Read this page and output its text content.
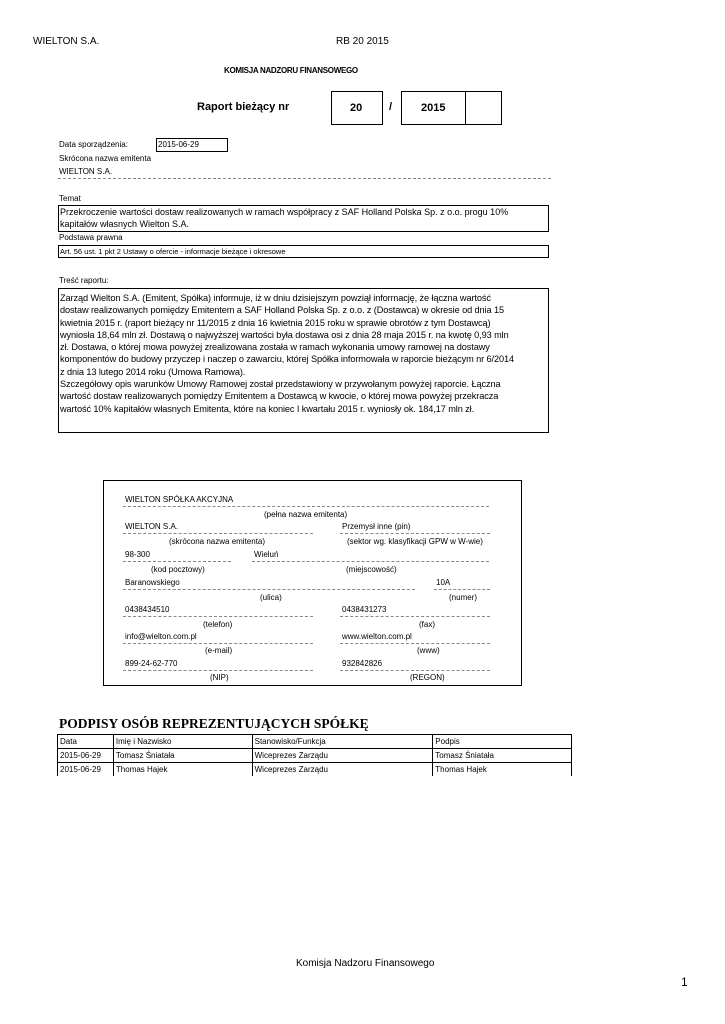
WIELTON S.A.	RB 20 2015
KOMISJA NADZORU FINANSOWEGO
Raport bieżący nr	20 /	2015
Data sporządzenia:	2015-06-29
Skrócona nazwa emitenta
WIELTON S.A.
Temat
Przekroczenie wartości dostaw realizowanych w ramach współpracy z SAF Holland Polska Sp. z o.o. progu 10%
kapitałów własnych Wielton S.A.
Podstawa prawna
Art. 56 ust. 1 pkt 2 Ustawy o ofercie - informacje bieżące i okresowe
Treść raportu:
Zarząd Wielton S.A. (Emitent, Spółka) informuje, iż w dniu dzisiejszym powziął informację, że łączna wartość
dostaw realizowanych pomiędzy Emitentem a SAF Holland Polska Sp. z o.o. z (Dostawca) w okresie od dnia 15
kwietnia 2015 r. (raport bieżący nr 11/2015 z dnia 16 kwietnia 2015 roku w sprawie obrotów z tym Dostawcą)
wyniosła 18,64 mln zł. Dostawą o najwyższej wartości była dostawa osi z dnia 28 maja 2015 r. na kwotę 0,93 mln
zł. Dostawa, o której mowa powyżej zrealizowana została w ramach wykonania umowy ramowej na dostawy
komponentów do budowy przyczep i naczep o zawarciu, której Spółka informowała w raporcie bieżącym nr 6/2014
z dnia 13 lutego 2014 roku (Umowa Ramowa).
Szczegółowy opis warunków Umowy Ramowej został przedstawiony w przywołanym powyżej raporcie. Łączna
wartość dostaw realizowanych pomiędzy Emitentem a Dostawcą w kwocie, o której mowa powyżej przekracza
wartość 10% kapitałów własnych Emitenta, które na koniec I kwartału 2015 r. wyniosły ok. 184,17 mln zł.
WIELTON SPÓŁKA AKCYJNA
(pełna nazwa emitenta)
WIELTON S.A.	Przemysł inne (pin)
(skrócona nazwa emitenta)	(sektor wg. klasyfikacji GPW w W-wie)
98-300	Wieluń
(kod pocztowy)	(miejscowość)
Baranowskiego	10A
(ulica)	(numer)
0438434510	0438431273
(telefon)	(fax)
info@wielton.com.pl	www.wielton.com.pl
(e-mail)	(www)
899-24-62-770	932842826
(NIP)	(REGON)
PODPISY OSÓB REPREZENTUJĄCYCH SPÓŁKĘ
Data	Imię i Nazwisko	Stanowisko/Funkcja	Podpis
2015-06-29	Tomasz Śniatała	Wiceprezes Zarządu	Tomasz Śniatała
2015-06-29	Thomas Hajek	Wiceprezes Zarządu	Thomas Hajek
Komisja Nadzoru Finansowego
1
